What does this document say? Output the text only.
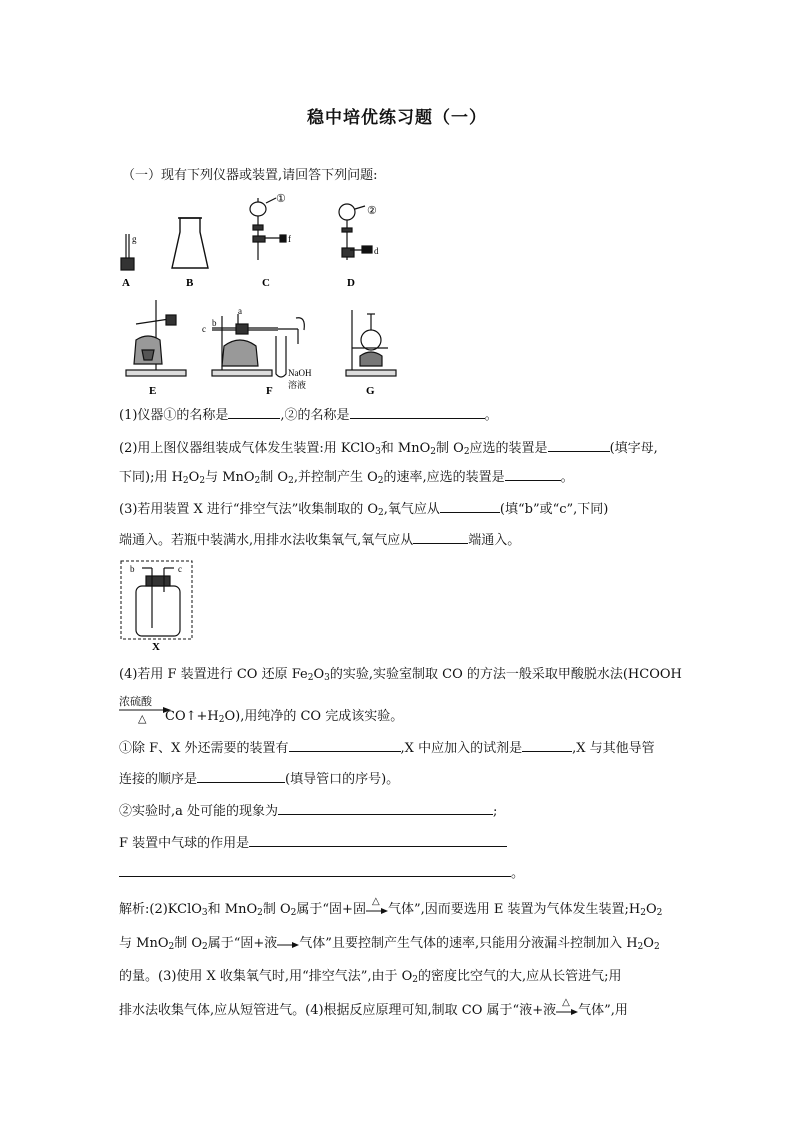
稳中培优练习题（一）
（一）现有下列仪器或装置,请回答下列问题:
g
A	B	C	D
①
f
②
d
E
a
b
c
NaOH
溶液
F	G
(1)仪器①的名称是	,②的名称是	。
(2)用上图仪器组装成气体发生装置:用 KClO$_3$和 MnO$_2$制 $O_2$应选的装置是	(填字母,
下同);用 $H_2O_2$与 MnO$_2$制 $O_2$,并控制产生 $O_2$的速率,应选的装置是	。
(3)若用装置 X 进行“排空气法”收集制取的 $O_2$,氧气应从	(填“b”或“c”,下同)
端通入。若瓶中装满水,用排水法收集氧气,氧气应从	端通入。
b	c
X
(4)若用 F 装置进行 CO 还原 $Fe_2O_3$的实验,实验室制取 CO 的方法一般采取甲酸脱水法(HCOOH
浓硫酸
△ $CO↑+H_2O$),用纯净的 CO 完成该实验。
①除 F、X 外还需要的装置有	,X 中应加入的试剂是	,X 与其他导管
连接的顺序是	(填导管口的序号)。
②实验时,a 处可能的现象为	;
F 装置中气球的作用是
。
解析:(2)KClO$_3$和 MnO$_2$制 $O_2$属于“固+固
△
气体”,因而要选用 E 装置为气体发生装置$;H_2O_2$
与 MnO$_2$制 $O_2$属于“固+液 气体”且要控制产生气体的速率,只能用分液漏斗控制加入 $H_2O_2$
的量。(3)使用 X 收集氧气时,用“排空气法”,由于 $O_2$的密度比空气的大,应从长管进气;用
排水法收集气体,应从短管进气。(4)根据反应原理可知,制取 CO 属于“液+液
△
气体”,用
